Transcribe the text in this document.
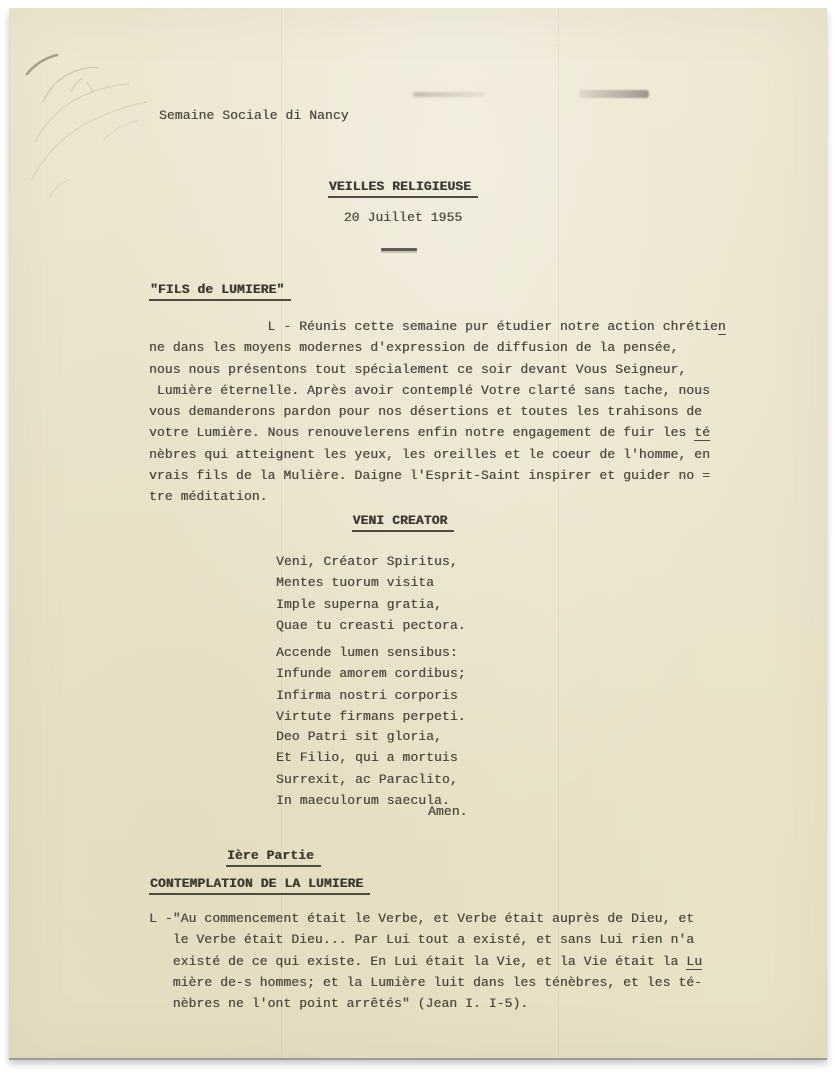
Semaine Sociale di Nancy
VEILLES RELIGIEUSE
20 Juillet 1955
"FILS de LUMIERE"
L - Réunis cette semaine pur étudier notre action chrétien
ne dans les moyens modernes d'expression de diffusion de la pensée,
nous nous présentons tout spécialement ce soir devant Vous Seigneur,
Lumière éternelle. Après avoir contemplé Votre clarté sans tache, nous
vous demanderons pardon pour nos désertions et toutes les trahisons de
votre Lumière. Nous renouvelerens enfin notre engagement de fuir les té
nèbres qui atteignent les yeux, les oreilles et le coeur de l'homme, en
vrais fils de la Mulière. Daigne l'Esprit-Saint inspirer et guider no =
tre méditation.
VENI CREATOR
Veni, Créator Spiritus,
Mentes tuorum visita
Imple superna gratia,
Quae tu creasti pectora.
Accende lumen sensibus:
Infunde amorem cordibus;
Infirma nostri corporis
Virtute firmans perpeti.
Deo Patri sit gloria,
Et Filio, qui a mortuis
Surrexit, ac Paraclito,
In maeculorum saecula.
Amen.
Ière Partie
CONTEMPLATION DE LA LUMIERE
L -"Au commencement était le Verbe, et Verbe était auprès de Dieu, et
le Verbe était Dieu... Par Lui tout a existé, et sans Lui rien n'a
existé de ce qui existe. En Lui était la Vie, et la Vie était la Lu
mière de-s hommes; et la Lumière luit dans les ténèbres, et les té-
nèbres ne l'ont point arrêtés" (Jean I. I-5).
